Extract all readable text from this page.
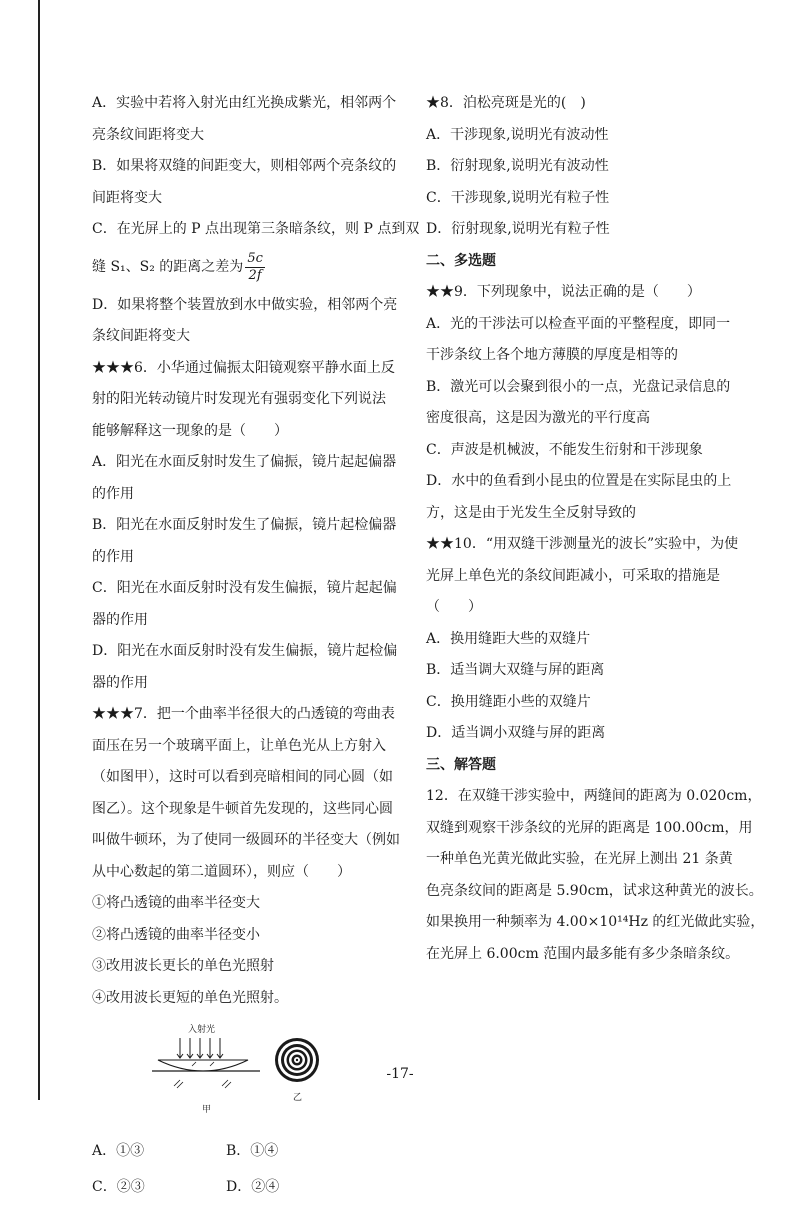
A．实验中若将入射光由红光换成紫光，相邻两个
亮条纹间距将变大
B．如果将双缝的间距变大，则相邻两个亮条纹的
间距将变大
C．在光屏上的 P 点出现第三条暗条纹，则 P 点到双
缝 S₁、S₂ 的距离之差为 $\frac{5c}{2f}$
D．如果将整个装置放到水中做实验，相邻两个亮
条纹间距将变大
★★★6．小华通过偏振太阳镜观察平静水面上反
射的阳光转动镜片时发现光有强弱变化下列说法
能够解释这一现象的是（　　）
A．阳光在水面反射时发生了偏振，镜片起起偏器
的作用
B．阳光在水面反射时发生了偏振，镜片起检偏器
的作用
C．阳光在水面反射时没有发生偏振，镜片起起偏
器的作用
D．阳光在水面反射时没有发生偏振，镜片起检偏
器的作用
★★★7．把一个曲率半径很大的凸透镜的弯曲表
面压在另一个玻璃平面上，让单色光从上方射入
（如图甲），这时可以看到亮暗相间的同心圆（如
图乙）。这个现象是牛顿首先发现的，这些同心圆
叫做牛顿环，为了使同一级圆环的半径变大（例如
从中心数起的第二道圆环），则应（　　）
①将凸透镜的曲率半径变大
②将凸透镜的曲率半径变小
③改用波长更长的单色光照射
④改用波长更短的单色光照射。
入射光
甲
乙
A．①③	B．①④
C．②③	D．②④
★8．泊松亮斑是光的(　)
A．干涉现象,说明光有波动性
B．衍射现象,说明光有波动性
C．干涉现象,说明光有粒子性
D．衍射现象,说明光有粒子性
二、多选题
★★9．下列现象中，说法正确的是（　　）
A．光的干涉法可以检查平面的平整程度，即同一
干涉条纹上各个地方薄膜的厚度是相等的
B．激光可以会聚到很小的一点，光盘记录信息的
密度很高，这是因为激光的平行度高
C．声波是机械波，不能发生衍射和干涉现象
D．水中的鱼看到小昆虫的位置是在实际昆虫的上
方，这是由于光发生全反射导致的
★★10．“用双缝干涉测量光的波长”实验中，为使
光屏上单色光的条纹间距减小，可采取的措施是
（　　）
A．换用缝距大些的双缝片
B．适当调大双缝与屏的距离
C．换用缝距小些的双缝片
D．适当调小双缝与屏的距离
三、解答题
12．在双缝干涉实验中，两缝间的距离为 0.020cm，
双缝到观察干涉条纹的光屏的距离是 100.00cm，用
一种单色光黄光做此实验，在光屏上测出 21 条黄
色亮条纹间的距离是 5.90cm，试求这种黄光的波长。
如果换用一种频率为 4.00×10¹⁴Hz 的红光做此实验，
在光屏上 6.00cm 范围内最多能有多少条暗条纹。
-17-
